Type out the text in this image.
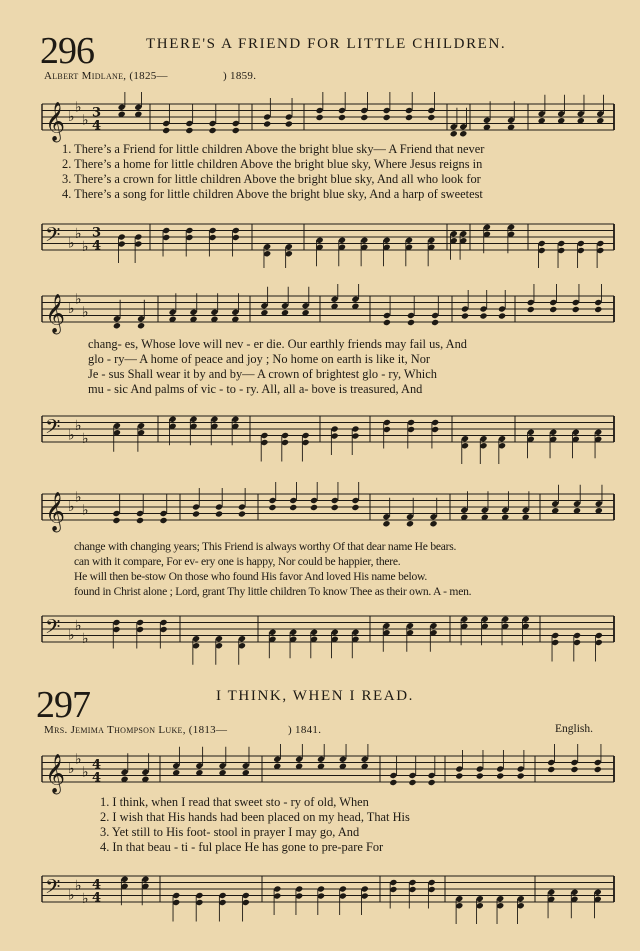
296	THERE'S A FRIEND FOR LITTLE CHILDREN.
Albert Midlane, (1825—	) 1859.
𝄞 ♭
♭
♭ 3
4
1. There’s a Friend for little children Above the bright blue sky— A Friend that never
2. There’s a home for little children Above the bright blue sky, Where Jesus reigns in
3. There’s a crown for little children Above the bright blue sky, And all who look for
4. There’s a song for little children Above the bright blue sky, And a harp of sweetest
𝄢 ♭
♭
♭
3
4
𝄞 ♭
♭
♭
chang- es, Whose love will nev - er die. Our earthly friends may fail us, And
glo - ry— A home of peace and joy ; No home on earth is like it, Nor
Je - sus Shall wear it by and by— A crown of brightest glo - ry, Which
mu - sic And palms of vic - to - ry. All, all a- bove is treasured, And
𝄢 ♭
♭
♭
𝄞 ♭
♭
♭
change with changing years; This Friend is always worthy Of that dear name He bears.
can with it compare, For ev- ery one is happy, Nor could be happier, there.
He will then be-stow On those who found His favor And loved His name below.
found in Christ alone ; Lord, grant Thy little children To know Thee as their own. A - men.
𝄢 ♭
♭
♭
297	I THINK, WHEN I READ.
Mrs. Jemima Thompson Luke, (1813—	) 1841.	English.
𝄞 ♭
♭
♭ 4
4
1. I think, when I read that sweet sto - ry of old, When
2. I wish that His hands had been placed on my head, That His
3. Yet still to His foot- stool in prayer I may go, And
4. In that beau - ti - ful place He has gone to pre-pare For
𝄢 ♭
♭
♭
4
4
